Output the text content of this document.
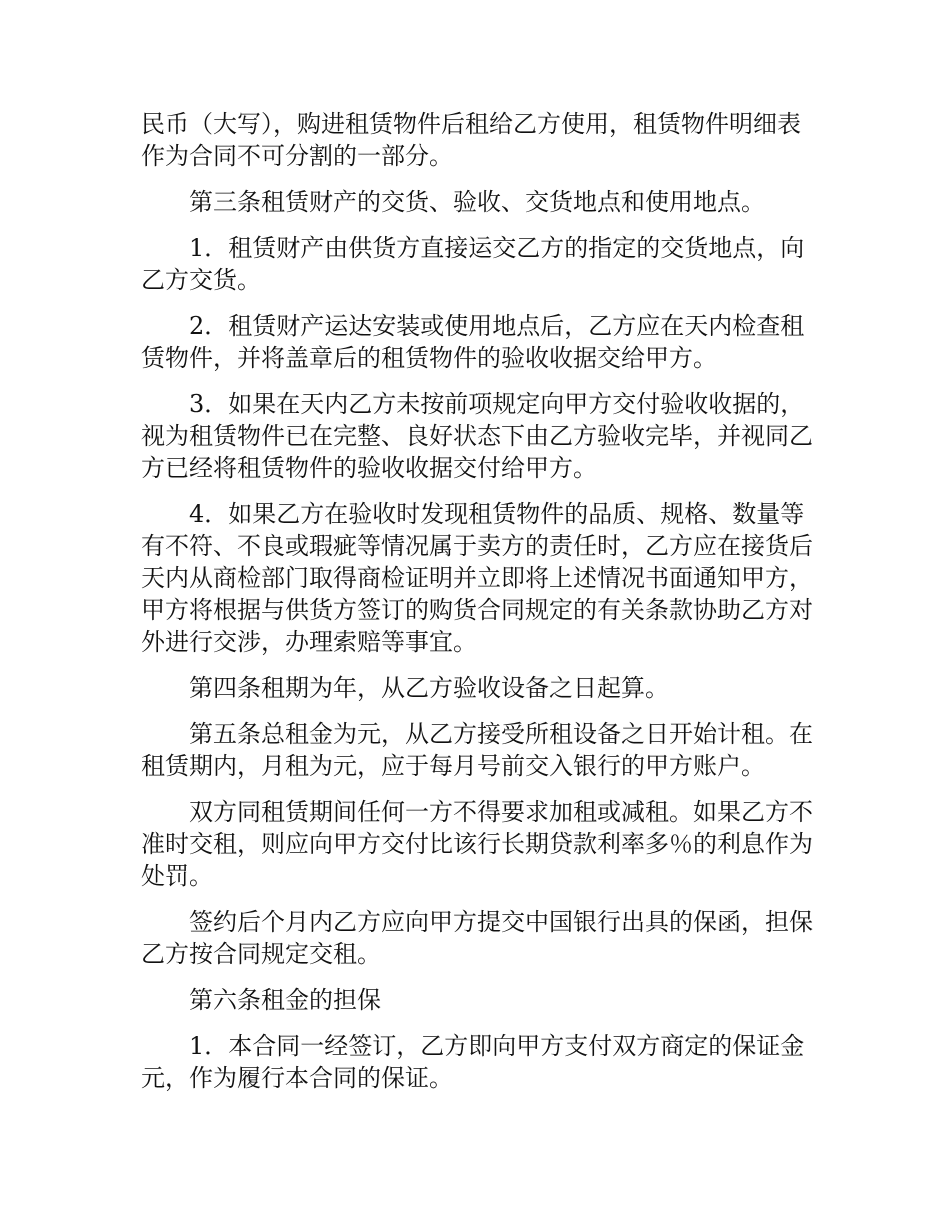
民币（大写），购进租赁物件后租给乙方使用，租赁物件明细表作为合同不可分割的一部分。

第三条租赁财产的交货、验收、交货地点和使用地点。

1．租赁财产由供货方直接运交乙方的指定的交货地点，向乙方交货。

2．租赁财产运达安装或使用地点后，乙方应在天内检查租赁物件，并将盖章后的租赁物件的验收收据交给甲方。

3．如果在天内乙方未按前项规定向甲方交付验收收据的，视为租赁物件已在完整、良好状态下由乙方验收完毕，并视同乙方已经将租赁物件的验收收据交付给甲方。

4．如果乙方在验收时发现租赁物件的品质、规格、数量等有不符、不良或瑕疵等情况属于卖方的责任时，乙方应在接货后天内从商检部门取得商检证明并立即将上述情况书面通知甲方，甲方将根据与供货方签订的购货合同规定的有关条款协助乙方对外进行交涉，办理索赔等事宜。

第四条租期为年，从乙方验收设备之日起算。

第五条总租金为元，从乙方接受所租设备之日开始计租。在租赁期内，月租为元，应于每月号前交入银行的甲方账户。

双方同租赁期间任何一方不得要求加租或减租。如果乙方不准时交租，则应向甲方交付比该行长期贷款利率多％的利息作为处罚。

签约后个月内乙方应向甲方提交中国银行出具的保函，担保乙方按合同规定交租。

第六条租金的担保

1．本合同一经签订，乙方即向甲方支付双方商定的保证金元，作为履行本合同的保证。
